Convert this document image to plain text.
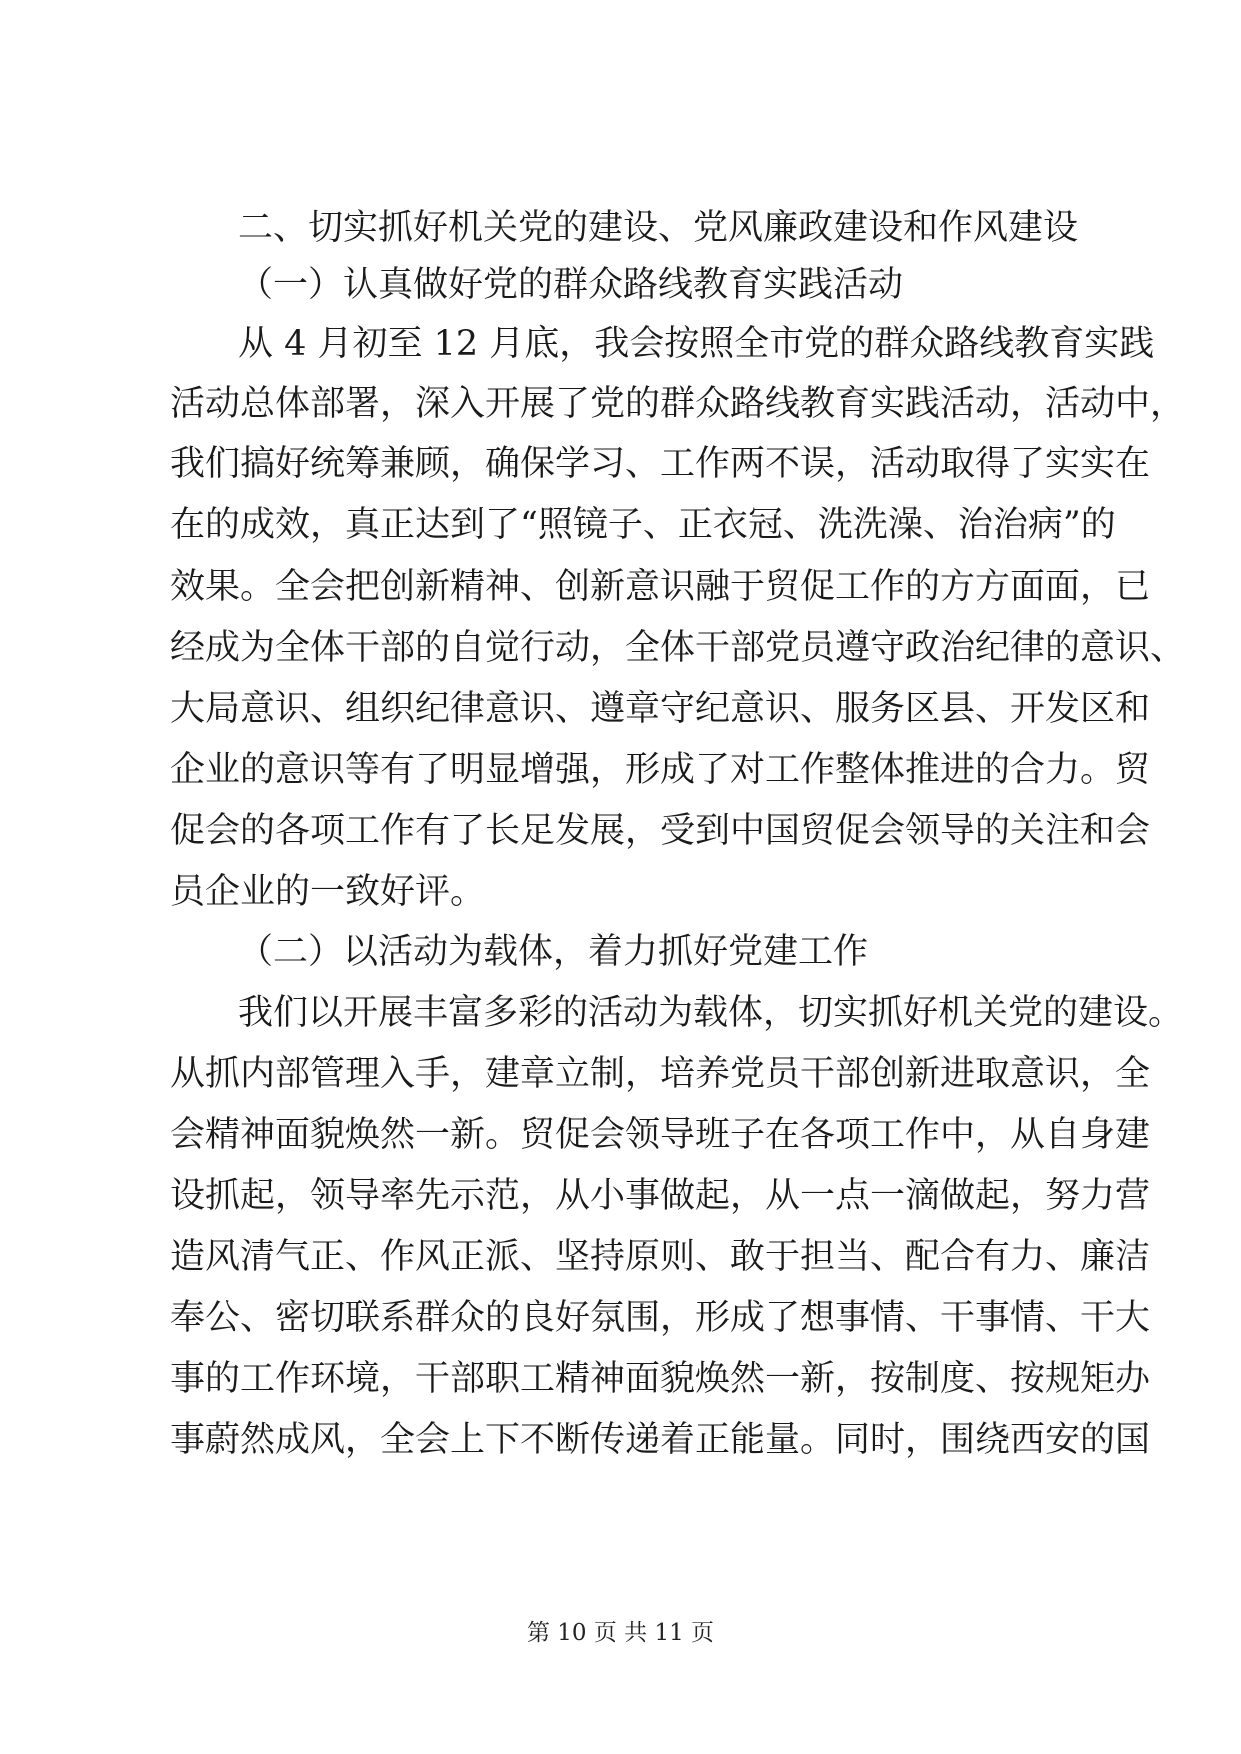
二、切实抓好机关党的建设、党风廉政建设和作风建设
（一）认真做好党的群众路线教育实践活动

从 4 月初至 12 月底，我会按照全市党的群众路线教育实践

活动总体部署，深入开展了党的群众路线教育实践活动，活动中，

我们搞好统筹兼顾，确保学习、工作两不误，活动取得了实实在

在的成效，真正达到了“照镜子、正衣冠、洗洗澡、治治病”的

效果。全会把创新精神、创新意识融于贸促工作的方方面面，已

经成为全体干部的自觉行动，全体干部党员遵守政治纪律的意识、

大局意识、组织纪律意识、遵章守纪意识、服务区县、开发区和

企业的意识等有了明显增强，形成了对工作整体推进的合力。贸

促会的各项工作有了长足发展，受到中国贸促会领导的关注和会

员企业的一致好评。

（二）以活动为载体，着力抓好党建工作

我们以开展丰富多彩的活动为载体，切实抓好机关党的建设。

从抓内部管理入手，建章立制，培养党员干部创新进取意识，全

会精神面貌焕然一新。贸促会领导班子在各项工作中，从自身建

设抓起，领导率先示范，从小事做起，从一点一滴做起，努力营

造风清气正、作风正派、坚持原则、敢于担当、配合有力、廉洁

奉公、密切联系群众的良好氛围，形成了想事情、干事情、干大

事的工作环境，干部职工精神面貌焕然一新，按制度、按规矩办

事蔚然成风，全会上下不断传递着正能量。同时，围绕西安的国

第 10 页 共 11 页
